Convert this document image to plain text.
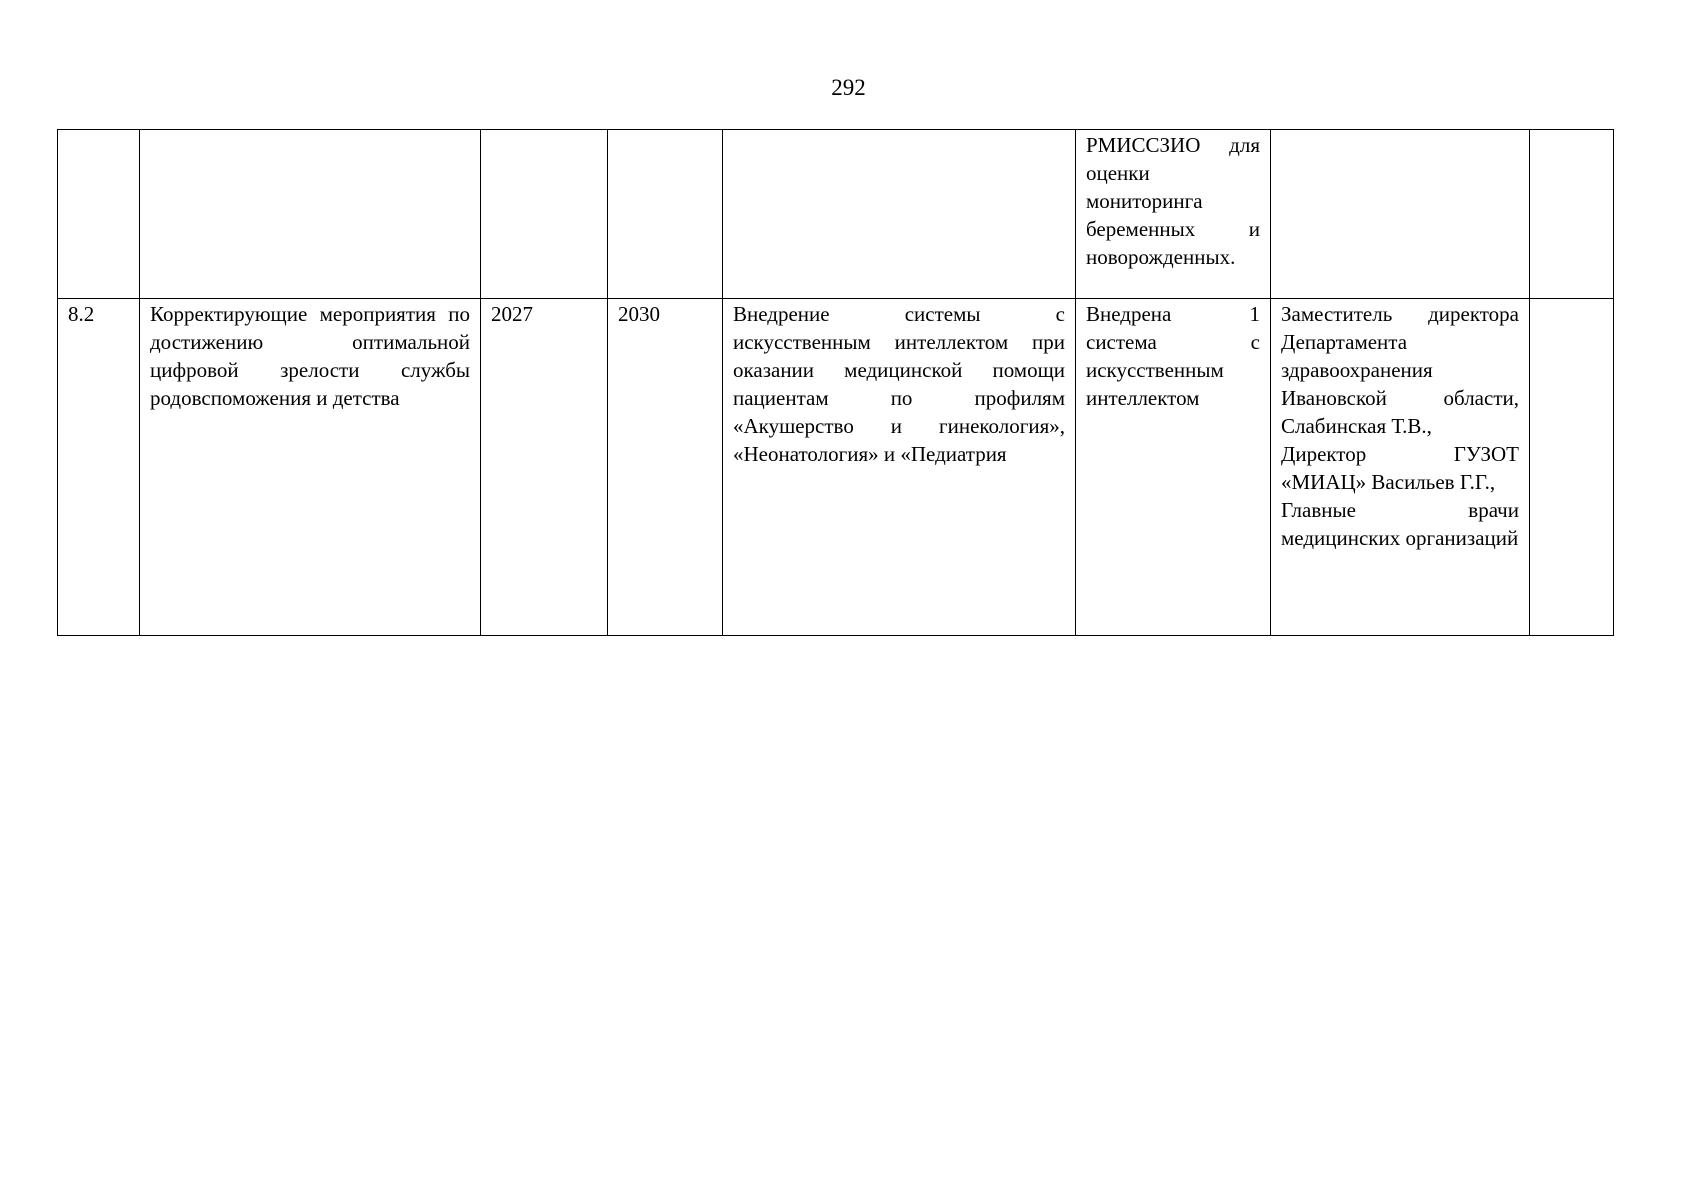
292
					РМИССЗИО для оценки мониторинга беременных и новорожденных.		
8.2	Корректирующие мероприятия по достижению оптимальной цифровой зрелости службы родовспоможения и детства	2027	2030	Внедрение системы с искусственным интеллектом при оказании медицинской помощи пациентам по профилям «Акушерство и гинекология», «Неонатология» и «Педиатрия	Внедрена 1 система с искусственным интеллектом	Заместитель директора Департамента здравоохранения Ивановской области, Слабинская Т.В.,
Директор ГУЗОТ «МИАЦ» Васильев Г.Г.,
Главные врачи медицинских организаций	
